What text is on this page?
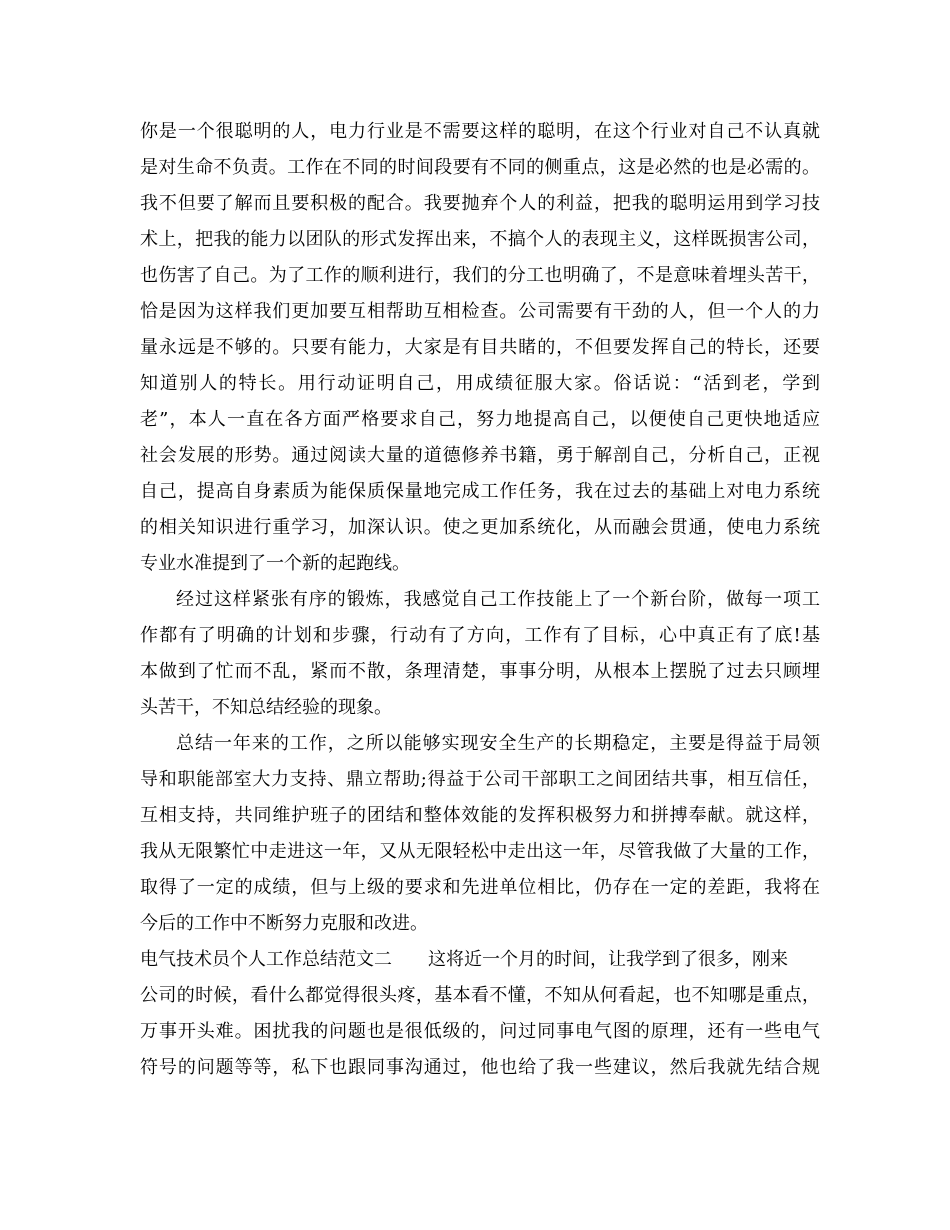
你是一个很聪明的人，电力行业是不需要这样的聪明，在这个行业对自己不认真就
是对生命不负责。工作在不同的时间段要有不同的侧重点，这是必然的也是必需的。
我不但要了解而且要积极的配合。我要抛弃个人的利益，把我的聪明运用到学习技
术上，把我的能力以团队的形式发挥出来，不搞个人的表现主义，这样既损害公司，
也伤害了自己。为了工作的顺利进行，我们的分工也明确了，不是意味着埋头苦干，
恰是因为这样我们更加要互相帮助互相检查。公司需要有干劲的人，但一个人的力
量永远是不够的。只要有能力，大家是有目共睹的，不但要发挥自己的特长，还要
知道别人的特长。用行动证明自己，用成绩征服大家。俗话说：“活到老，学到
老”，本人一直在各方面严格要求自己，努力地提高自己，以便使自己更快地适应
社会发展的形势。通过阅读大量的道德修养书籍，勇于解剖自己，分析自己，正视
自己，提高自身素质为能保质保量地完成工作任务，我在过去的基础上对电力系统
的相关知识进行重学习，加深认识。使之更加系统化，从而融会贯通，使电力系统
专业水准提到了一个新的起跑线。
经过这样紧张有序的锻炼，我感觉自己工作技能上了一个新台阶，做每一项工
作都有了明确的计划和步骤，行动有了方向，工作有了目标，心中真正有了底!基
本做到了忙而不乱，紧而不散，条理清楚，事事分明，从根本上摆脱了过去只顾埋
头苦干，不知总结经验的现象。
总结一年来的工作，之所以能够实现安全生产的长期稳定，主要是得益于局领
导和职能部室大力支持、鼎立帮助;得益于公司干部职工之间团结共事，相互信任，
互相支持，共同维护班子的团结和整体效能的发挥积极努力和拼搏奉献。就这样，
我从无限繁忙中走进这一年，又从无限轻松中走出这一年，尽管我做了大量的工作，
取得了一定的成绩，但与上级的要求和先进单位相比，仍存在一定的差距，我将在
今后的工作中不断努力克服和改进。
电气技术员个人工作总结范文二 这将近一个月的时间，让我学到了很多，刚来
公司的时候，看什么都觉得很头疼，基本看不懂，不知从何看起，也不知哪是重点，
万事开头难。困扰我的问题也是很低级的，问过同事电气图的原理，还有一些电气
符号的问题等等，私下也跟同事沟通过，他也给了我一些建议，然后我就先结合规
